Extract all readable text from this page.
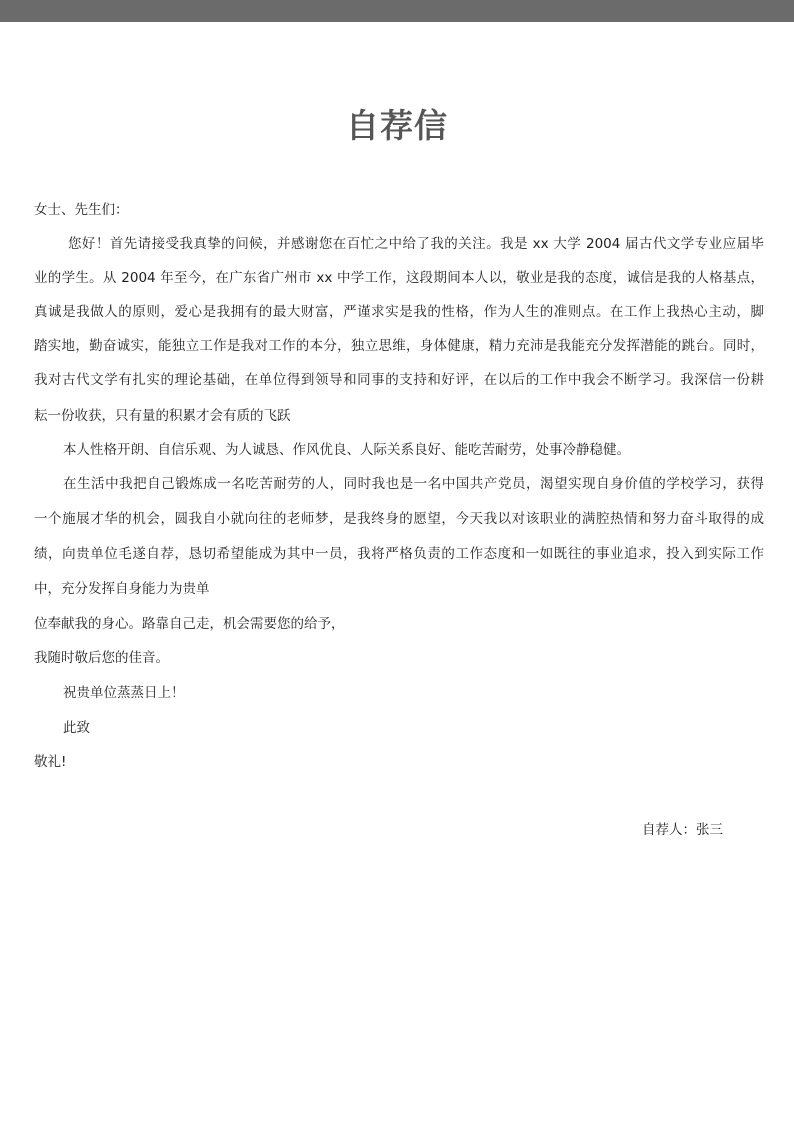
自荐信
女士、先生们：
您好！首先请接受我真挚的问候，并感谢您在百忙之中给了我的关注。我是 xx 大学 2004 届古代文学专业应届毕
业的学生。从 2004 年至今，在广东省广州市 xx 中学工作，这段期间本人以，敬业是我的态度，诚信是我的人格基点，
真诚是我做人的原则，爱心是我拥有的最大财富，严谨求实是我的性格，作为人生的准则点。在工作上我热心主动，脚
踏实地，勤奋诚实，能独立工作是我对工作的本分，独立思维，身体健康，精力充沛是我能充分发挥潜能的跳台。同时，
我对古代文学有扎实的理论基础，在单位得到领导和同事的支持和好评，在以后的工作中我会不断学习。我深信一份耕
耘一份收获，只有量的积累才会有质的飞跃
本人性格开朗、自信乐观、为人诚恳、作风优良、人际关系良好、能吃苦耐劳，处事冷静稳健。
在生活中我把自己锻炼成一名吃苦耐劳的人，同时我也是一名中国共产党员，渴望实现自身价值的学校学习，获得
一个施展才华的机会，圆我自小就向往的老师梦，是我终身的愿望，今天我以对该职业的满腔热情和努力奋斗取得的成
绩，向贵单位毛遂自荐，恳切希望能成为其中一员，我将严格负责的工作态度和一如既往的事业追求，投入到实际工作
中，充分发挥自身能力为贵单
位奉献我的身心。路靠自己走，机会需要您的给予，
我随时敬后您的佳音。
祝贵单位蒸蒸日上！
此致
敬礼!
自荐人：张三
